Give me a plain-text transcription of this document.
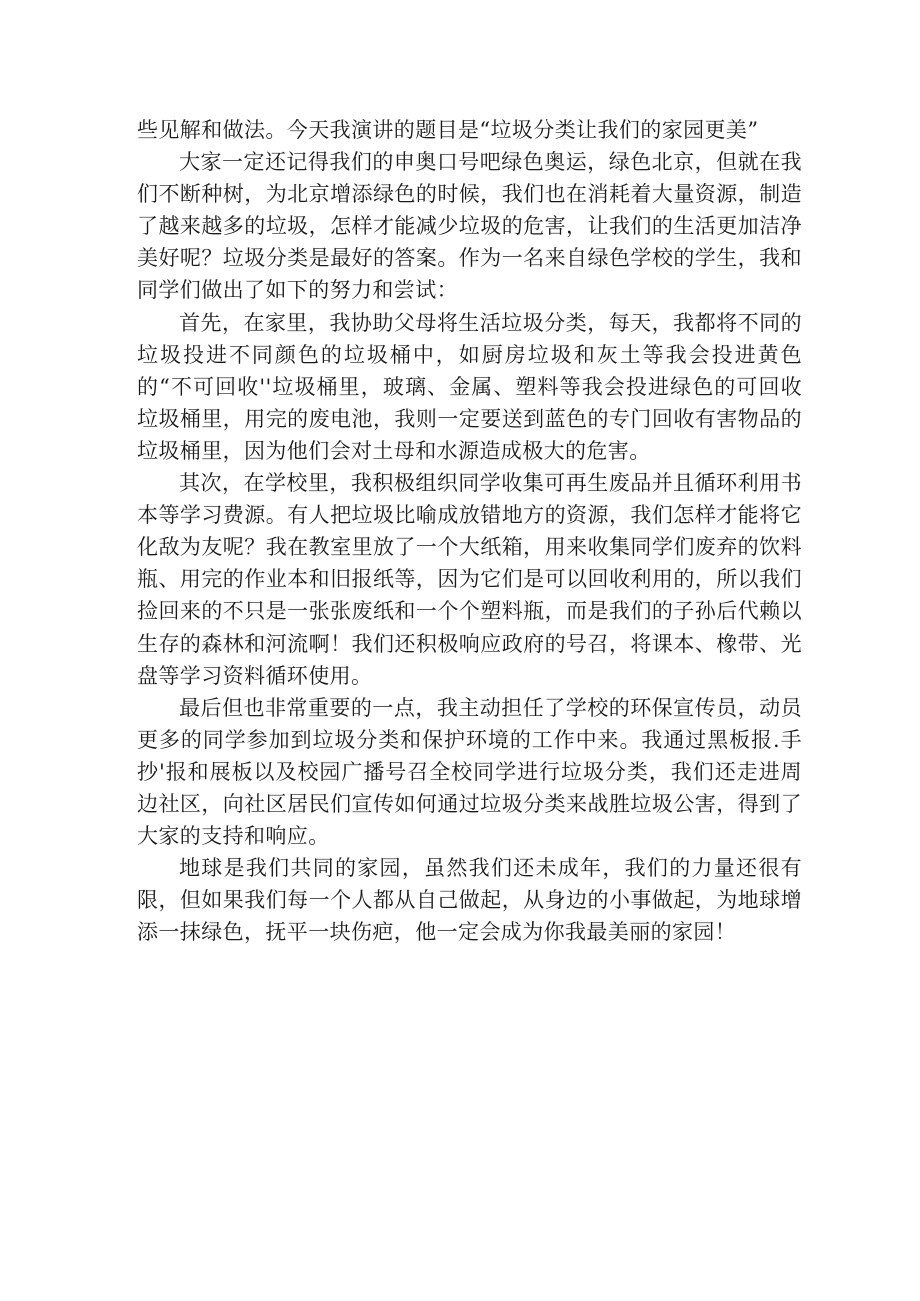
些见解和做法。今天我演讲的题目是“垃圾分类让我们的家园更美”

大家一定还记得我们的申奥口号吧绿色奥运，绿色北京，但就在我们不断种树，为北京增添绿色的时候，我们也在消耗着大量资源，制造了越来越多的垃圾，怎样才能减少垃圾的危害，让我们的生活更加洁净美好呢？垃圾分类是最好的答案。作为一名来自绿色学校的学生，我和同学们做出了如下的努力和尝试：

首先，在家里，我协助父母将生活垃圾分类，每天，我都将不同的垃圾投进不同颜色的垃圾桶中，如厨房垃圾和灰土等我会投进黄色的“不可回收''垃圾桶里，玻璃、金属、塑料等我会投进绿色的可回收垃圾桶里，用完的废电池，我则一定要送到蓝色的专门回收有害物品的垃圾桶里，因为他们会对土母和水源造成极大的危害。

其次，在学校里，我积极组织同学收集可再生废品并且循环利用书本等学习费源。有人把垃圾比喻成放错地方的资源，我们怎样才能将它化敌为友呢？我在教室里放了一个大纸箱，用来收集同学们废弃的饮料瓶、用完的作业本和旧报纸等，因为它们是可以回收利用的，所以我们捡回来的不只是一张张废纸和一个个塑料瓶，而是我们的子孙后代赖以生存的森林和河流啊！我们还积极响应政府的号召，将课本、橡带、光盘等学习资料循环使用。

最后但也非常重要的一点，我主动担任了学校的环保宣传员，动员更多的同学参加到垃圾分类和保护环境的工作中来。我通过黑板报.手抄'报和展板以及校园广播号召全校同学进行垃圾分类，我们还走进周边社区，向社区居民们宣传如何通过垃圾分类来战胜垃圾公害，得到了大家的支持和响应。

地球是我们共同的家园，虽然我们还未成年，我们的力量还很有限，但如果我们每一个人都从自己做起，从身边的小事做起，为地球增添一抹绿色，抚平一块伤疤，他一定会成为你我最美丽的家园！
